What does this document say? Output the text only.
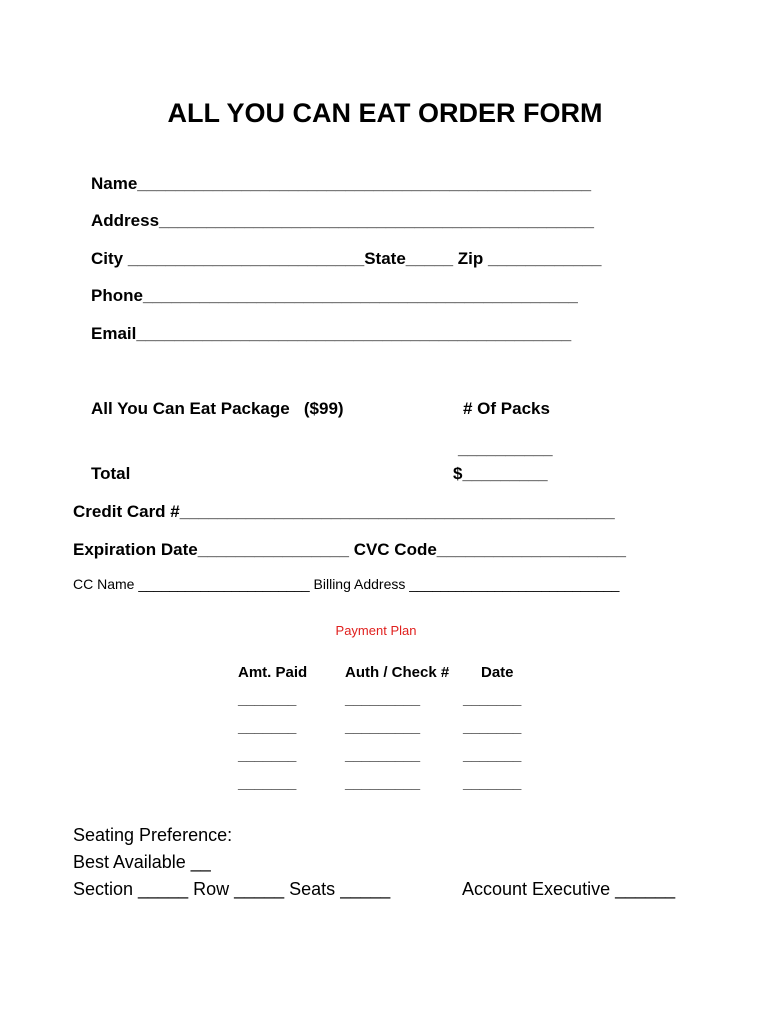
ALL YOU CAN EAT ORDER FORM
Name________________________________________________
Address______________________________________________
City _________________________State_____ Zip ____________
Phone______________________________________________
Email______________________________________________
All You Can Eat Package   ($99)	# Of Packs
__________
Total	$_________
Credit Card #______________________________________________
Expiration Date________________ CVC Code____________________
CC Name ______________________ Billing Address ___________________________
Payment Plan
Amt. Paid	Auth / Check # Date
_______	_________	_______
_______	_________	_______
_______	_________	_______
_______	_________	_______
Seating Preference:
Best Available __
Section _____ Row _____ Seats _____	Account Executive ______
